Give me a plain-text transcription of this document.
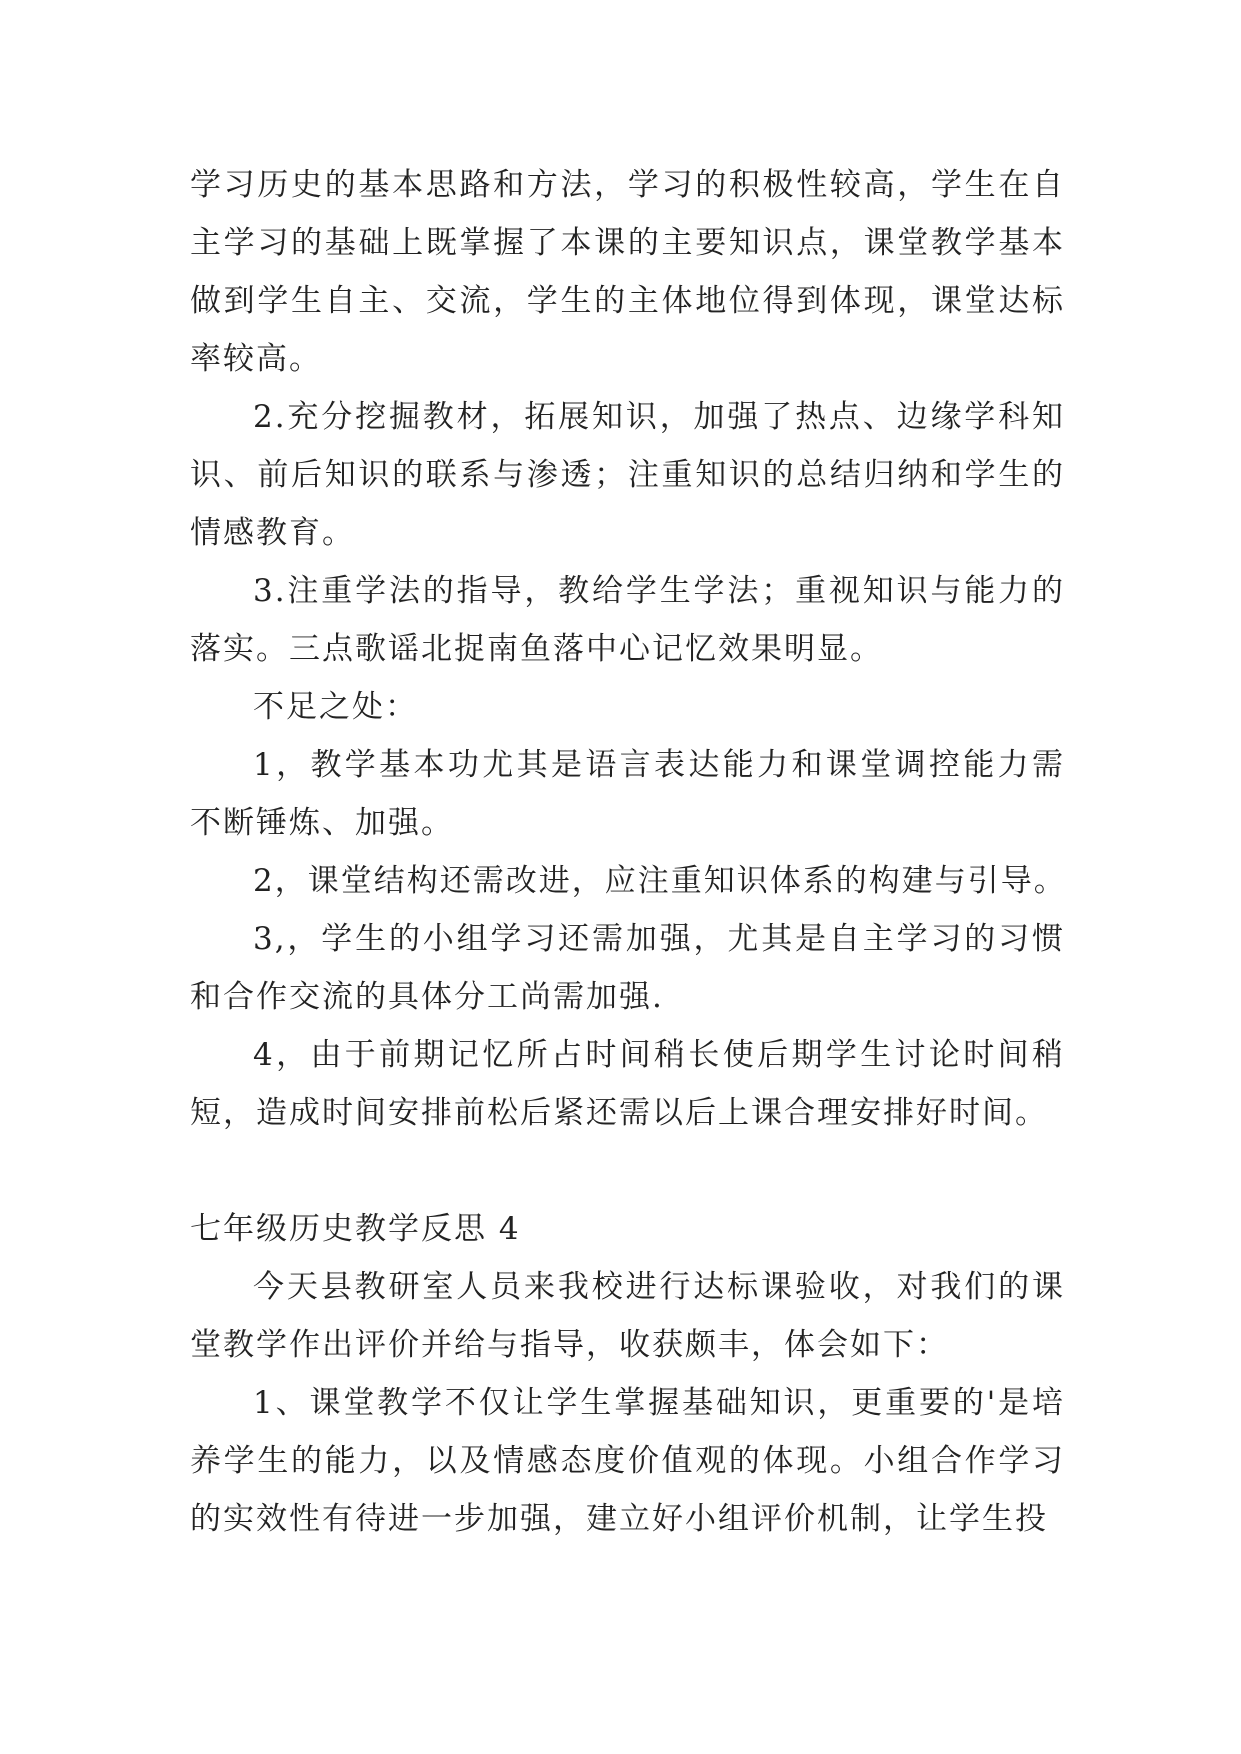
学习历史的基本思路和方法，学习的积极性较高，学生在自
主学习的基础上既掌握了本课的主要知识点，课堂教学基本
做到学生自主、交流，学生的主体地位得到体现，课堂达标
率较高。
2.充分挖掘教材，拓展知识，加强了热点、边缘学科知
识、前后知识的联系与渗透；注重知识的总结归纳和学生的
情感教育。
3.注重学法的指导，教给学生学法；重视知识与能力的
落实。三点歌谣北捉南鱼落中心记忆效果明显。
不足之处：
1，教学基本功尤其是语言表达能力和课堂调控能力需
不断锤炼、加强。
2，课堂结构还需改进，应注重知识体系的构建与引导。
3,，学生的小组学习还需加强，尤其是自主学习的习惯
和合作交流的具体分工尚需加强.
4，由于前期记忆所占时间稍长使后期学生讨论时间稍
短，造成时间安排前松后紧还需以后上课合理安排好时间。
七年级历史教学反思 4
今天县教研室人员来我校进行达标课验收，对我们的课
堂教学作出评价并给与指导，收获颇丰，体会如下：
1、课堂教学不仅让学生掌握基础知识，更重要的'是培
养学生的能力，以及情感态度价值观的体现。小组合作学习
的实效性有待进一步加强，建立好小组评价机制，让学生投
